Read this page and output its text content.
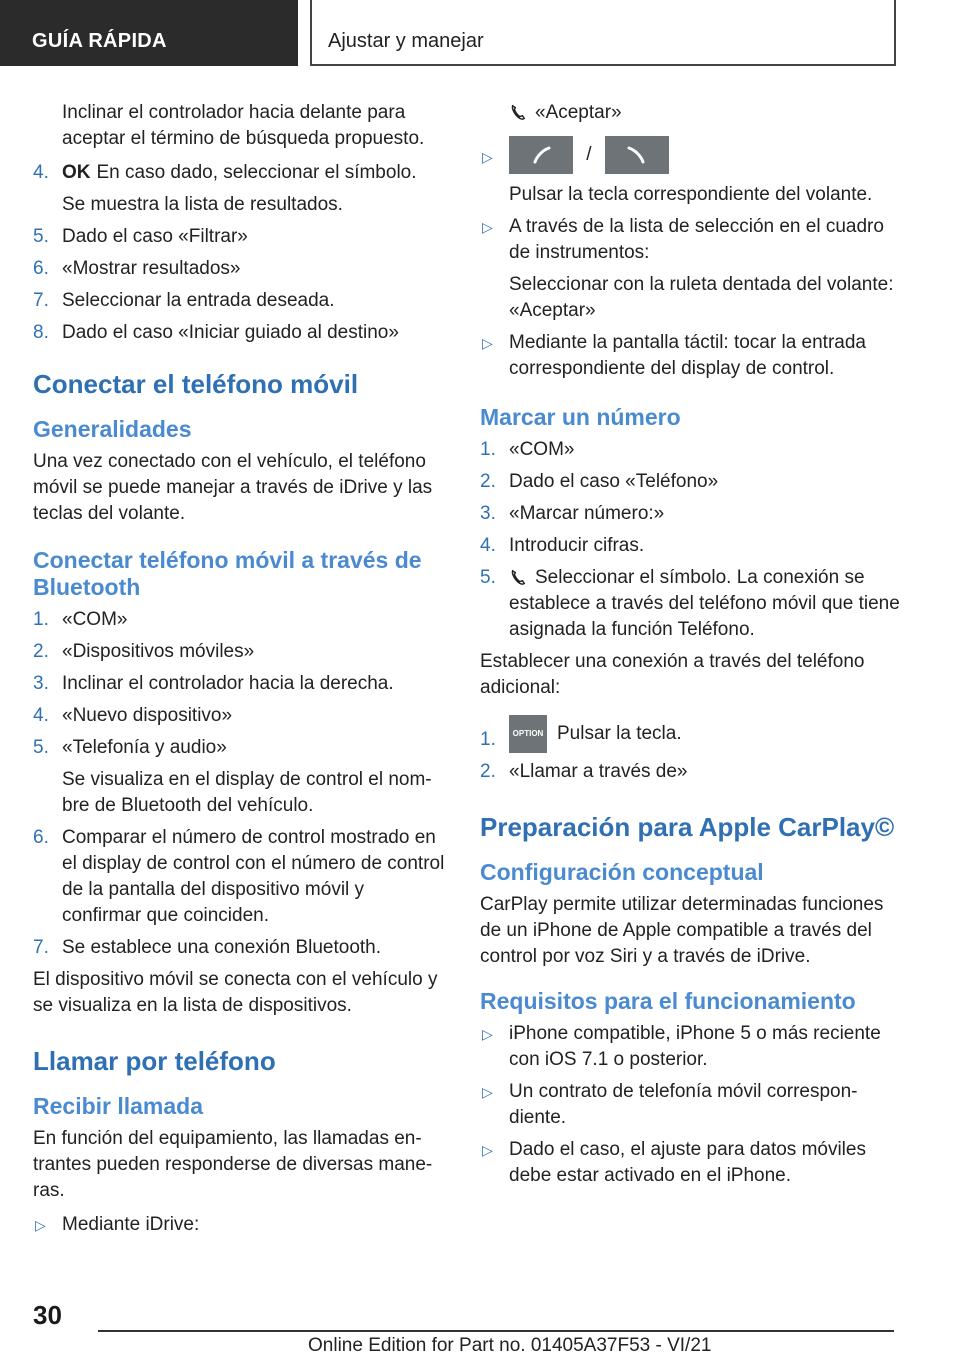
GUÍA RÁPIDA	Ajustar y manejar

Inclinar el controlador hacia delante para aceptar el término de búsqueda propuesto.

4. OK En caso dado, seleccionar el símbolo.

Se muestra la lista de resultados.

5. Dado el caso «Filtrar»
6. «Mostrar resultados»
7. Seleccionar la entrada deseada.
8. Dado el caso «Iniciar guiado al destino»
Conectar el teléfono móvil
Generalidades

Una vez conectado con el vehículo, el teléfono móvil se puede manejar a través de iDrive y las teclas del volante.

Conectar teléfono móvil a través de Bluetooth
1. «COM»
2. «Dispositivos móviles»
3. Inclinar el controlador hacia la derecha.
4. «Nuevo dispositivo»
5. «Telefonía y audio»

Se visualiza en el display de control el nom-bre de Bluetooth del vehículo.

6. Comparar el número de control mostrado en el display de control con el número de control de la pantalla del dispositivo móvil y confirmar que coinciden.
7. Se establece una conexión Bluetooth.

El dispositivo móvil se conecta con el vehículo y se visualiza en la lista de dispositivos.

Llamar por teléfono
Recibir llamada

En función del equipamiento, las llamadas en-trantes pueden responderse de diversas mane-ras.

▷ Mediante iDrive:

«Aceptar»

▷	/

Pulsar la tecla correspondiente del volante.

▷ A través de la lista de selección en el cuadro de instrumentos:

Seleccionar con la ruleta dentada del volante: «Aceptar»

▷ Mediante la pantalla táctil: tocar la entrada correspondiente del display de control.
Marcar un número
1. «COM»
2. Dado el caso «Teléfono»
3. «Marcar número:»
4. Introducir cifras.
5. Seleccionar el símbolo. La conexión se establece a través del teléfono móvil que tiene asignada la función Teléfono.

Establecer una conexión a través del teléfono adicional:

1. OPTION Pulsar la tecla.
2. «Llamar a través de»
Preparación para Apple CarPlay©
Configuración conceptual

CarPlay permite utilizar determinadas funciones de un iPhone de Apple compatible a través del control por voz Siri y a través de iDrive.

Requisitos para el funcionamiento
▷ iPhone compatible, iPhone 5 o más reciente con iOS 7.1 o posterior.
▷ Un contrato de telefonía móvil correspon-diente.
▷ Dado el caso, el ajuste para datos móviles debe estar activado en el iPhone.
30
Online Edition for Part no. 01405A37F53 - VI/21
